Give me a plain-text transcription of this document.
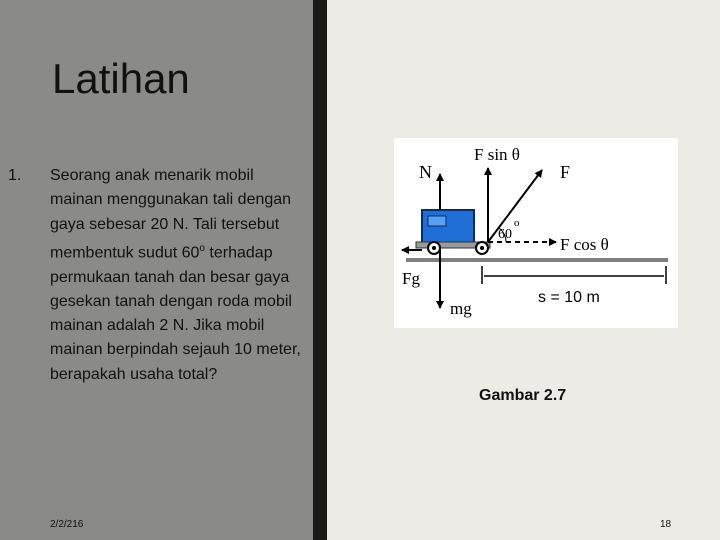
Latihan
1. Seorang anak menarik mobil mainan menggunakan tali dengan gaya sebesar 20 N. Tali tersebut membentuk sudut 60$^o$ terhadap permukaan tanah dan besar gaya gesekan tanah dengan roda mobil mainan adalah 2 N. Jika mobil mainan berpindah sejauh 10 meter, berapakah usaha total?

N
F sin θ
F
60
o
F cos θ
Fg
mg
s = 10 m
Gambar 2.7
2/2/216	18
